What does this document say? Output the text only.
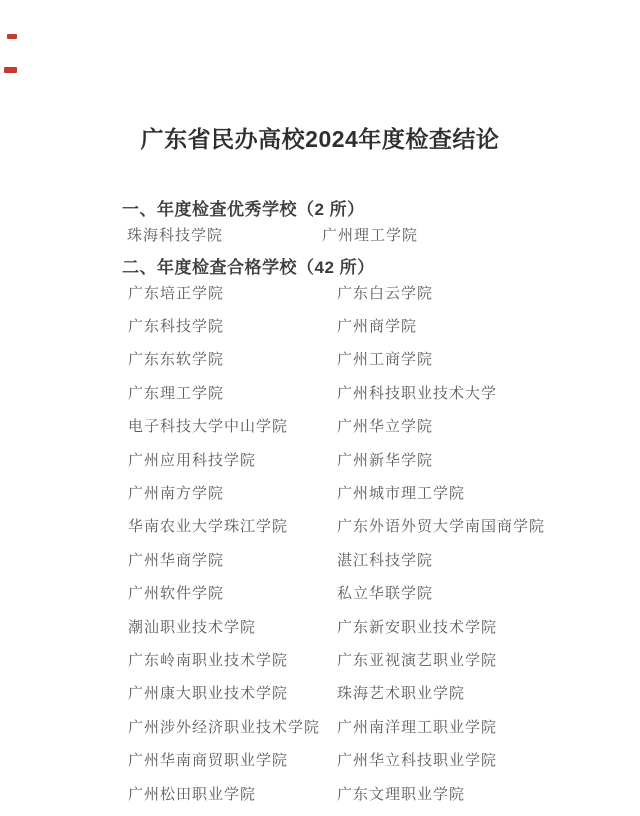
广东省民办高校2024年度检查结论
一、年度检查优秀学校（2 所）
珠海科技学院	广州理工学院
二、年度检查合格学校（42 所）
广东培正学院	广东白云学院
广东科技学院	广州商学院
广东东软学院	广州工商学院
广东理工学院	广州科技职业技术大学
电子科技大学中山学院	广州华立学院
广州应用科技学院	广州新华学院
广州南方学院	广州城市理工学院
华南农业大学珠江学院	广东外语外贸大学南国商学院
广州华商学院	湛江科技学院
广州软件学院	私立华联学院
潮汕职业技术学院	广东新安职业技术学院
广东岭南职业技术学院	广东亚视演艺职业学院
广州康大职业技术学院	珠海艺术职业学院
广州涉外经济职业技术学院	广州南洋理工职业学院
广州华南商贸职业学院	广州华立科技职业学院
广州松田职业学院	广东文理职业学院
